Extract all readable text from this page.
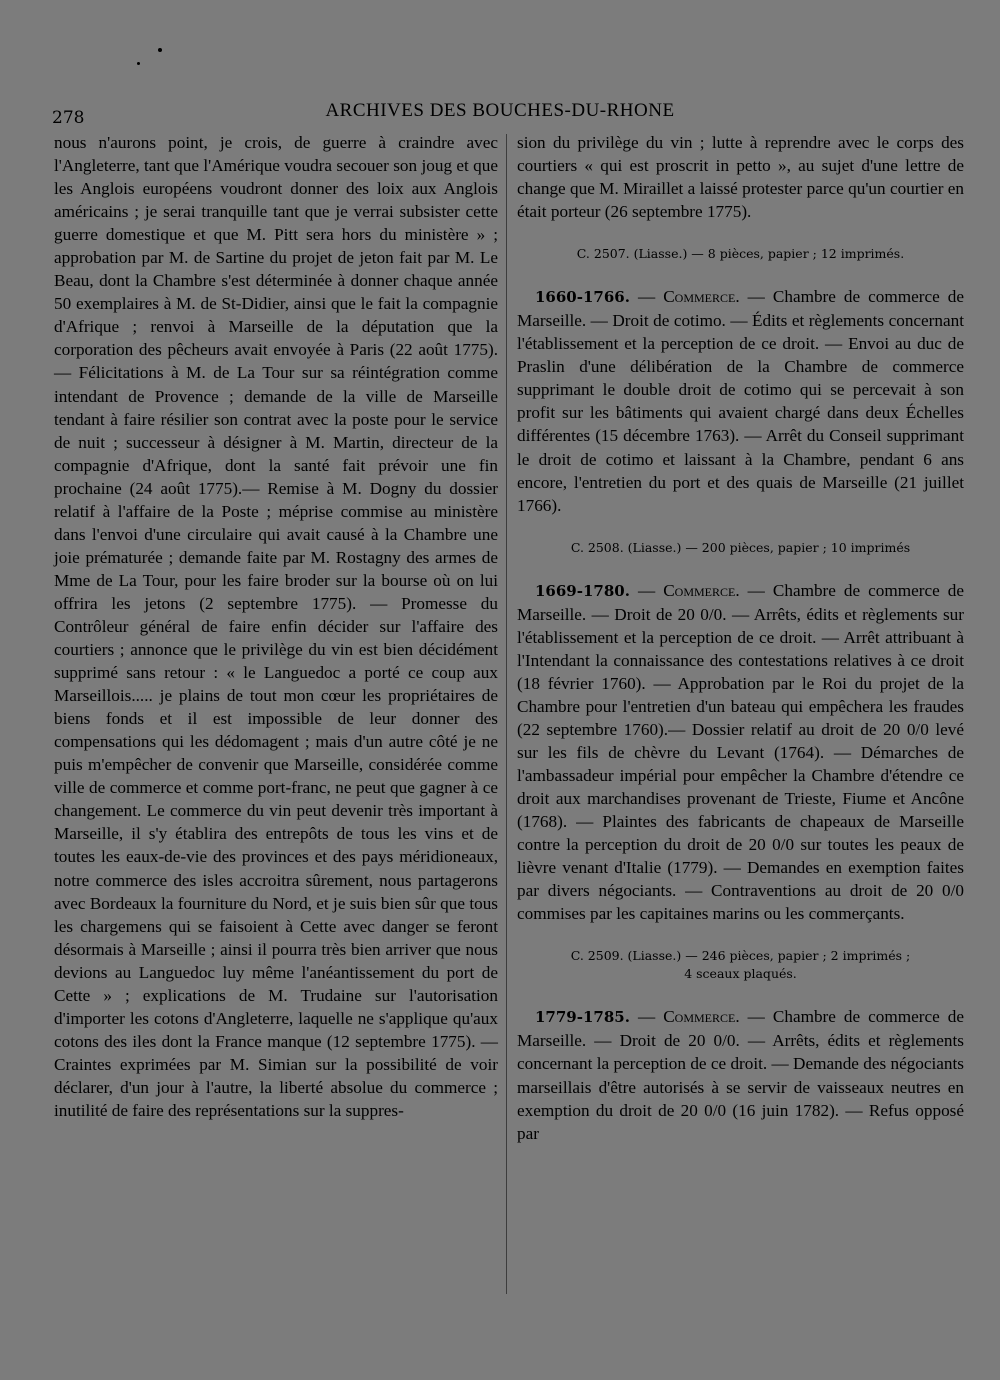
278	ARCHIVES DES BOUCHES-DU-RHONE

nous n'aurons point, je crois, de guerre à craindre avec l'Angleterre, tant que l'Amérique voudra secouer son joug et que les Anglois européens voudront donner des loix aux Anglois américains ; je serai tranquille tant que je verrai subsister cette guerre domestique et que M. Pitt sera hors du ministère » ; approbation par M. de Sartine du projet de jeton fait par M. Le Beau, dont la Chambre s'est déterminée à donner chaque année 50 exemplaires à M. de St-Didier, ainsi que le fait la compagnie d'Afrique ; renvoi à Marseille de la députation que la corporation des pêcheurs avait envoyée à Paris (22 août 1775).— Félicitations à M. de La Tour sur sa réintégration comme intendant de Provence ; demande de la ville de Marseille tendant à faire résilier son contrat avec la poste pour le service de nuit ; successeur à désigner à M. Martin, directeur de la compagnie d'Afrique, dont la santé fait prévoir une fin prochaine (24 août 1775).— Remise à M. Dogny du dossier relatif à l'affaire de la Poste ; méprise commise au ministère dans l'envoi d'une circulaire qui avait causé à la Chambre une joie prématurée ; demande faite par M. Rostagny des armes de Mme de La Tour, pour les faire broder sur la bourse où on lui offrira les jetons (2 septembre 1775). — Promesse du Contrôleur général de faire enfin décider sur l'affaire des courtiers ; annonce que le privilège du vin est bien décidément supprimé sans retour : « le Languedoc a porté ce coup aux Marseillois..... je plains de tout mon cœur les propriétaires de biens fonds et il est impossible de leur donner des compensations qui les dédomagent ; mais d'un autre côté je ne puis m'empêcher de convenir que Marseille, considérée comme ville de commerce et comme port-franc, ne peut que gagner à ce changement. Le commerce du vin peut devenir très important à Marseille, il s'y établira des entrepôts de tous les vins et de toutes les eaux-de-vie des provinces et des pays méridioneaux, notre commerce des isles accroitra sûrement, nous partagerons avec Bordeaux la fourniture du Nord, et je suis bien sûr que tous les chargemens qui se faisoient à Cette avec danger se feront désormais à Marseille ; ainsi il pourra très bien arriver que nous devions au Languedoc luy même l'anéantissement du port de Cette » ; explications de M. Trudaine sur l'autorisation d'importer les cotons d'Angleterre, laquelle ne s'applique qu'aux cotons des iles dont la France manque (12 septembre 1775). — Craintes exprimées par M. Simian sur la possibilité de voir déclarer, d'un jour à l'autre, la liberté absolue du commerce ; inutilité de faire des représentations sur la suppres-

sion du privilège du vin ; lutte à reprendre avec le corps des courtiers « qui est proscrit in petto », au sujet d'une lettre de change que M. Miraillet a laissé protester parce qu'un courtier en était porteur (26 septembre 1775).

C. 2507. (Liasse.) — 8 pièces, papier ; 12 imprimés.

1660-1766. — Commerce. — Chambre de commerce de Marseille. — Droit de cotimo. — Édits et règlements concernant l'établissement et la perception de ce droit. — Envoi au duc de Praslin d'une délibération de la Chambre de commerce supprimant le double droit de cotimo qui se percevait à son profit sur les bâtiments qui avaient chargé dans deux Échelles différentes (15 décembre 1763). — Arrêt du Conseil supprimant le droit de cotimo et laissant à la Chambre, pendant 6 ans encore, l'entretien du port et des quais de Marseille (21 juillet 1766).

C. 2508. (Liasse.) — 200 pièces, papier ; 10 imprimés

1669-1780. — Commerce. — Chambre de commerce de Marseille. — Droit de 20 0/0. — Arrêts, édits et règlements sur l'établissement et la perception de ce droit. — Arrêt attribuant à l'Intendant la connaissance des contestations relatives à ce droit (18 février 1760). — Approbation par le Roi du projet de la Chambre pour l'entretien d'un bateau qui empêchera les fraudes (22 septembre 1760).— Dossier relatif au droit de 20 0/0 levé sur les fils de chèvre du Levant (1764). — Démarches de l'ambassadeur impérial pour empêcher la Chambre d'étendre ce droit aux marchandises provenant de Trieste, Fiume et Ancône (1768). — Plaintes des fabricants de chapeaux de Marseille contre la perception du droit de 20 0/0 sur toutes les peaux de lièvre venant d'Italie (1779). — Demandes en exemption faites par divers négociants. — Contraventions au droit de 20 0/0 commises par les capitaines marins ou les commerçants.

C. 2509. (Liasse.) — 246 pièces, papier ; 2 imprimés ;
4 sceaux plaqués.

1779-1785. — Commerce. — Chambre de commerce de Marseille. — Droit de 20 0/0. — Arrêts, édits et règlements concernant la perception de ce droit. — Demande des négociants marseillais d'être autorisés à se servir de vaisseaux neutres en exemption du droit de 20 0/0 (16 juin 1782). — Refus opposé par
